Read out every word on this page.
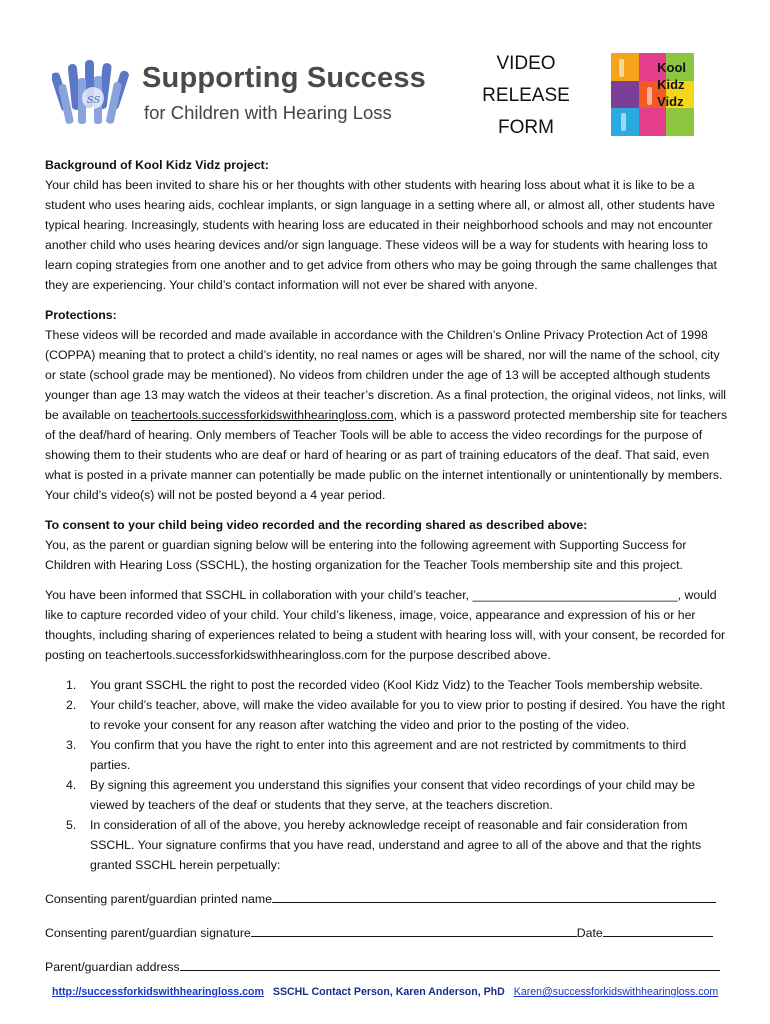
ss
Supporting Success
for Children with Hearing Loss
VIDEO
RELEASE
FORM
Kool
Kidz
Vidz

Background of Kool Kidz Vidz project:

Your child has been invited to share his or her thoughts with other students with hearing loss about what it is like to be a student who uses hearing aids, cochlear implants, or sign language in a setting where all, or almost all, other students have typical hearing. Increasingly, students with hearing loss are educated in their neighborhood schools and may not encounter another child who uses hearing devices and/or sign language. These videos will be a way for students with hearing loss to learn coping strategies from one another and to get advice from others who may be going through the same challenges that they are experiencing. Your child’s contact information will not ever be shared with anyone.

Protections:

These videos will be recorded and made available in accordance with the Children’s Online Privacy Protection Act of 1998 (COPPA) meaning that to protect a child’s identity, no real names or ages will be shared, nor will the name of the school, city or state (school grade may be mentioned). No videos from children under the age of 13 will be accepted although students younger than age 13 may watch the videos at their teacher’s discretion. As a final protection, the original videos, not links, will be available on teachertools.successforkidswithhearingloss.com, which is a password protected membership site for teachers of the deaf/hard of hearing. Only members of Teacher Tools will be able to access the video recordings for the purpose of showing them to their students who are deaf or hard of hearing or as part of training educators of the deaf. That said, even what is posted in a private manner can potentially be made public on the internet intentionally or unintentionally by members. Your child’s video(s) will not be posted beyond a 4 year period.

To consent to your child being video recorded and the recording shared as described above:

You, as the parent or guardian signing below will be entering into the following agreement with Supporting Success for Children with Hearing Loss (SSCHL), the hosting organization for the Teacher Tools membership site and this project.

You have been informed that SSCHL in collaboration with your child’s teacher, ______________________________, would like to capture recorded video of your child. Your child’s likeness, image, voice, appearance and expression of his or her thoughts, including sharing of experiences related to being a student with hearing loss will, with your consent, be recorded for posting on teachertools.successforkidswithhearingloss.com for the purpose described above.

You grant SSCHL the right to post the recorded video (Kool Kidz Vidz) to the Teacher Tools membership website.
Your child’s teacher, above, will make the video available for you to view prior to posting if desired. You have the right to revoke your consent for any reason after watching the video and prior to the posting of the video.
You confirm that you have the right to enter into this agreement and are not restricted by commitments to third parties.
By signing this agreement you understand this signifies your consent that video recordings of your child may be viewed by teachers of the deaf or students that they serve, at the teachers discretion.
In consideration of all of the above, you hereby acknowledge receipt of reasonable and fair consideration from SSCHL. Your signature confirms that you have read, understand and agree to all of the above and that the rights granted SSCHL herein perpetually:
Consenting parent/guardian printed name
Consenting parent/guardian signature	Date
Parent/guardian address
http://successforkidswithhearingloss.com SSCHL Contact Person, Karen Anderson, PhD Karen@successforkidswithhearingloss.com
